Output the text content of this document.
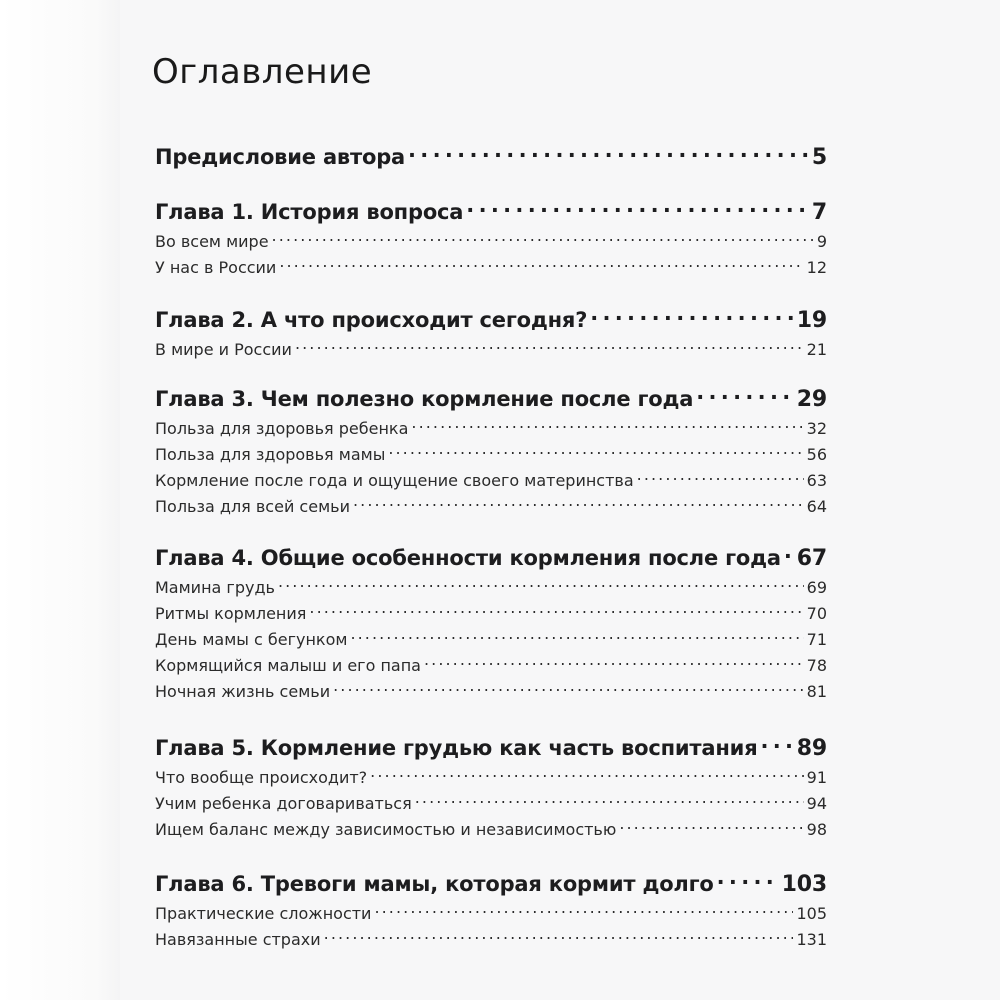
Оглавление
Предисловие автора . . .	5
Глава 1. История вопроса . . .	7
Во всем мире . . .	9
У нас в России . . .	12
Глава 2. А что происходит сегодня? . . .	19
В мире и России . . .	21
Глава 3. Чем полезно кормление после года . . .	29
Польза для здоровья ребенка . . .	32
Польза для здоровья мамы . . .	56
Кормление после года и ощущение своего материнства . . .	63
Польза для всей семьи . . .	64
Глава 4. Общие особенности кормления после года . . . 67
Мамина грудь . . .	69
Ритмы кормления . . .	70
День мамы с бегунком . . .	71
Кормящийся малыш и его папа . . .	78
Ночная жизнь семьи . . .	81
Глава 5. Кормление грудью как часть воспитания . . . 89
Что вообще происходит? . . .	91
Учим ребенка договариваться . . .	94
Ищем баланс между зависимостью и независимостью . . .	98
Глава 6. Тревоги мамы, которая кормит долго . . .	103
Практические сложности . . .	105
Навязанные страхи . . .	131
